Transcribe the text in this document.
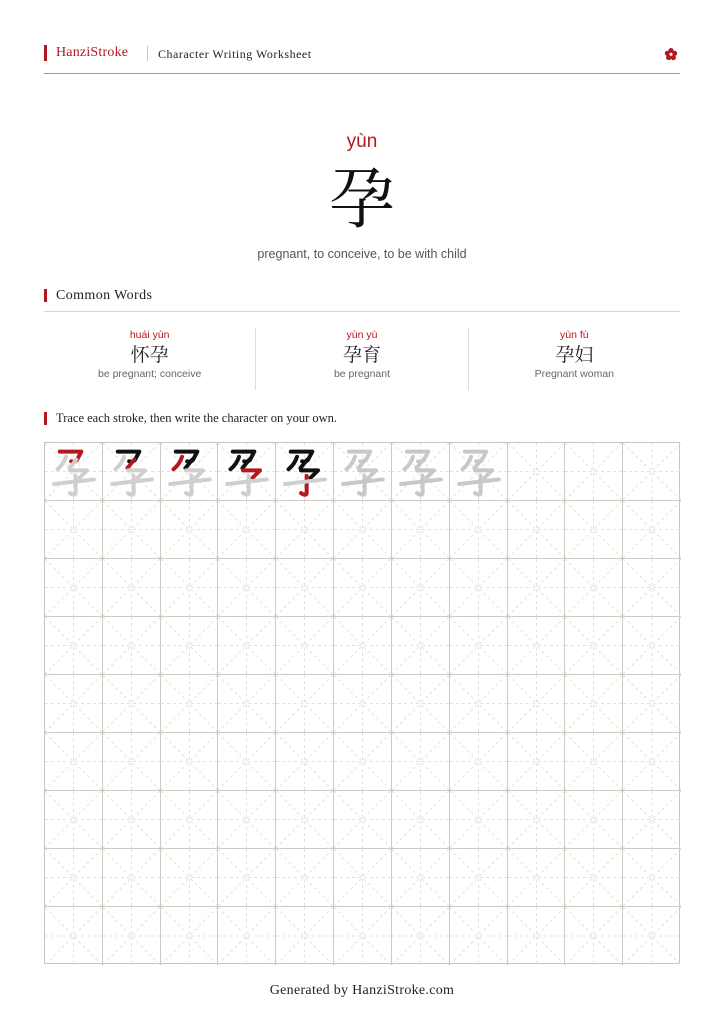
HanziStroke Character Writing Worksheet
yùn
孕
pregnant, to conceive, to be with child
Common Words
huái yùn
怀孕
be pregnant; conceive
yùn yù
孕育
be pregnant
yùn fù
孕妇
Pregnant woman
Trace each stroke, then write the character on your own.
Generated by HanziStroke.com
